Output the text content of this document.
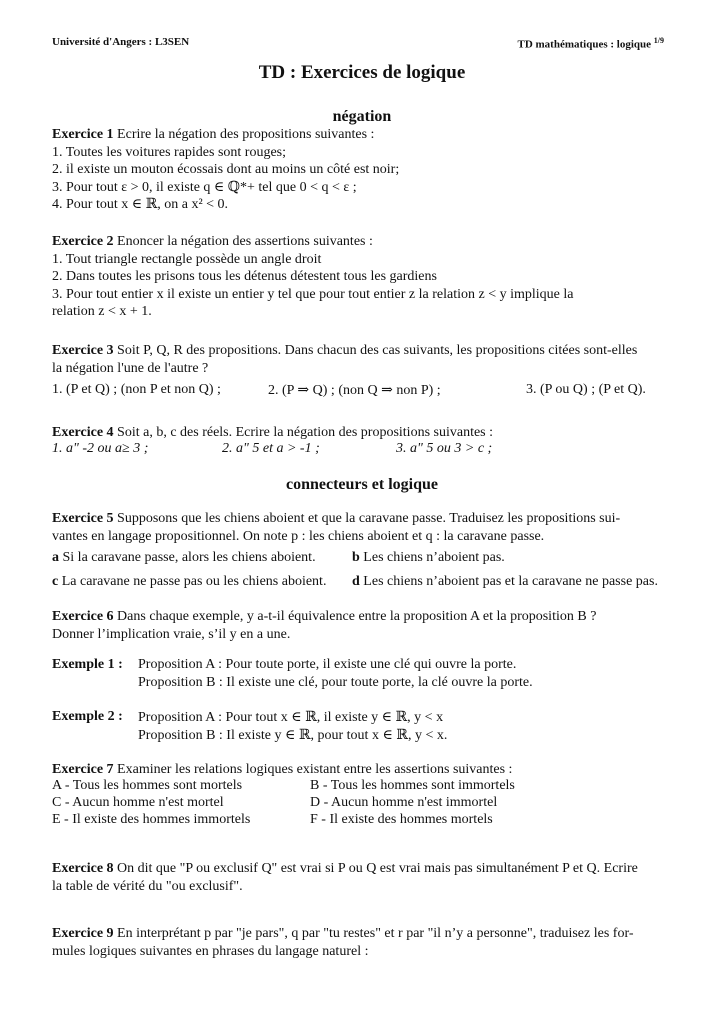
Université d'Angers : L3SEN	TD mathématiques : logique $^{1/9}$
TD : Exercices de logique
négation

Exercice 1 Ecrire la négation des propositions suivantes :

1. Toutes les voitures rapides sont rouges;

2. il existe un mouton écossais dont au moins un côté est noir;

3. Pour tout ε > 0, il existe q ∈ ℚ*+ tel que 0 < q < ε ;

4. Pour tout x ∈ ℝ, on a x² < 0.

Exercice 2 Enoncer la négation des assertions suivantes :

1. Tout triangle rectangle possède un angle droit

2. Dans toutes les prisons tous les détenus détestent tous les gardiens

3. Pour tout entier x il existe un entier y tel que pour tout entier z la relation z < y implique la

relation z < x + 1.

Exercice 3 Soit P, Q, R des propositions. Dans chacun des cas suivants, les propositions citées sont-elles

la négation l'une de l'autre ?

1. (P et Q) ; (non P et non Q) ;	2. (P ⇒ Q) ; (non Q ⇒ non P) ;	3. (P ou Q) ; (P et Q).

Exercice 4 Soit a, b, c des réels. Ecrire la négation des propositions suivantes :

1. a" -2 ou a≥ 3 ;	2. a" 5 et a > -1 ;	3. a" 5 ou 3 > c ;
connecteurs et logique

Exercice 5 Supposons que les chiens aboient et que la caravane passe. Traduisez les propositions sui-

vantes en langage propositionnel. On note p : les chiens aboient et q : la caravane passe.

a Si la caravane passe, alors les chiens aboient.	b Les chiens n’aboient pas.
c La caravane ne passe pas ou les chiens aboient. d Les chiens n’aboient pas et la caravane ne passe pas.

Exercice 6 Dans chaque exemple, y a-t-il équivalence entre la proposition A et la proposition B ?

Donner l’implication vraie, s’il y en a une.

Exemple 1 : Proposition A : Pour toute porte, il existe une clé qui ouvre la porte.
Proposition B : Il existe une clé, pour toute porte, la clé ouvre la porte.
Exemple 2 : Proposition A : Pour tout x ∈ ℝ, il existe y ∈ ℝ, y < x
Proposition B : Il existe y ∈ ℝ, pour tout x ∈ ℝ, y < x.

Exercice 7 Examiner les relations logiques existant entre les assertions suivantes :

A - Tous les hommes sont mortels	B - Tous les hommes sont immortels
C - Aucun homme n'est mortel	D - Aucun homme n'est immortel
E - Il existe des hommes immortels	F - Il existe des hommes mortels

Exercice 8 On dit que "P ou exclusif Q" est vrai si P ou Q est vrai mais pas simultanément P et Q. Ecrire

la table de vérité du "ou exclusif".

Exercice 9 En interprétant p par "je pars", q par "tu restes" et r par "il n’y a personne", traduisez les for-

mules logiques suivantes en phrases du langage naturel :
